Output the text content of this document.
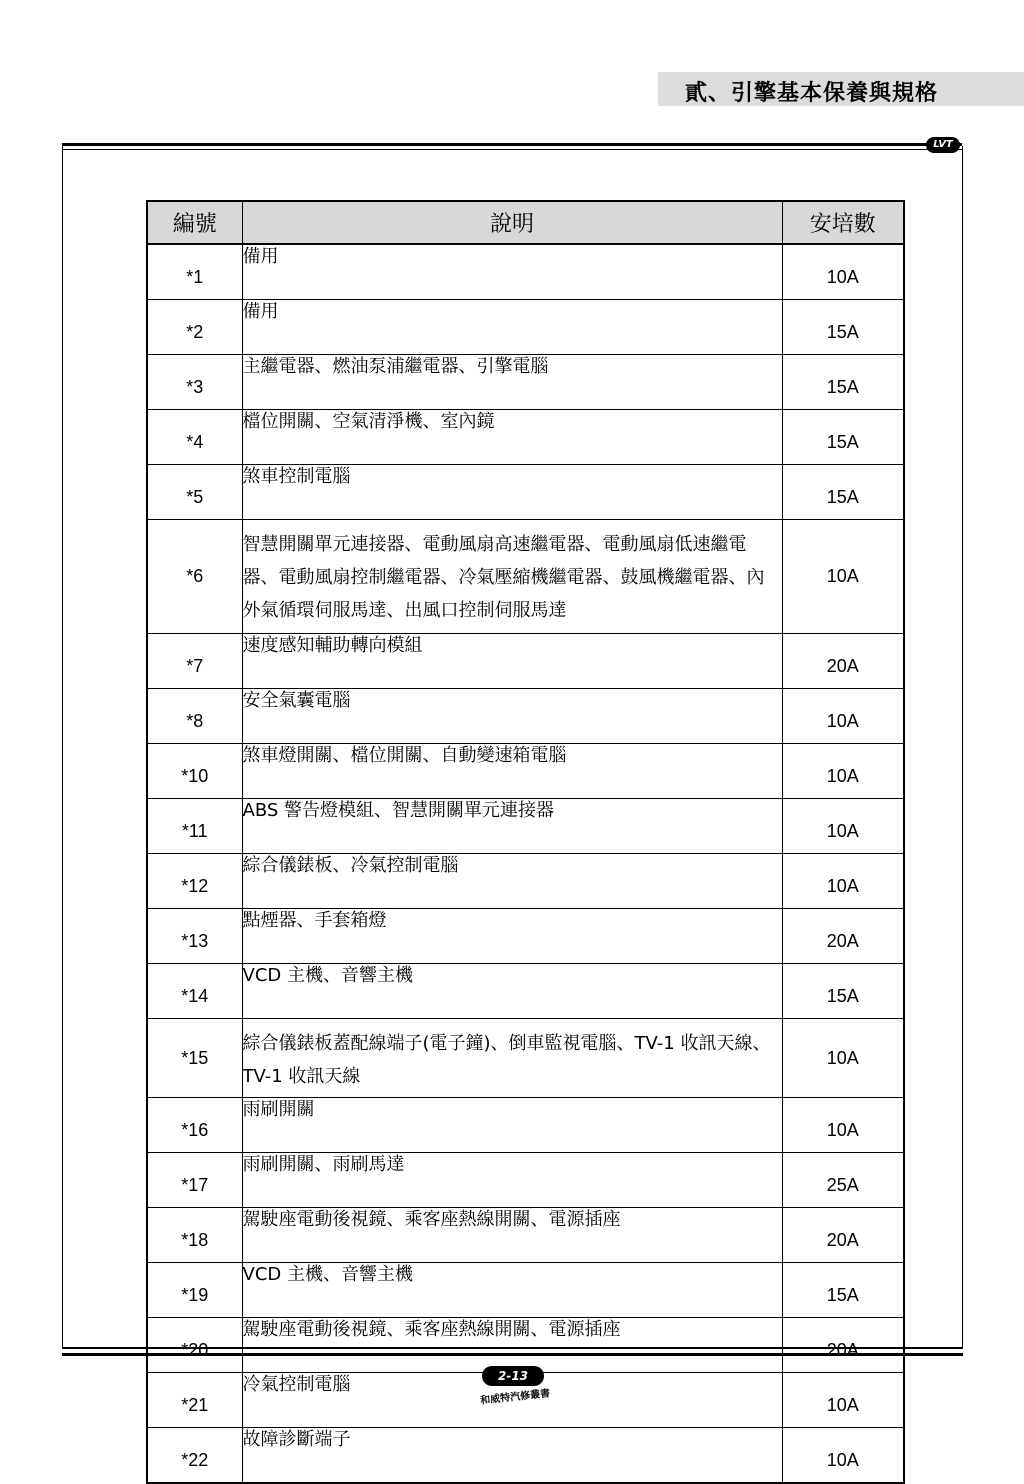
貳、引擎基本保養與規格
LVT
編號	說明	安培數
*1	備用	10A
*2	備用	15A
*3	主繼電器、燃油泵浦繼電器、引擎電腦	15A
*4	檔位開關、空氣清淨機、室內鏡	15A
*5	煞車控制電腦	15A
*6	智慧開關單元連接器、電動風扇高速繼電器、電動風扇低速繼電器、電動風扇控制繼電器、冷氣壓縮機繼電器、鼓風機繼電器、內外氣循環伺服馬達、出風口控制伺服馬達	10A
*7	速度感知輔助轉向模組	20A
*8	安全氣囊電腦	10A
*10	煞車燈開關、檔位開關、自動變速箱電腦	10A
*11	ABS 警告燈模組、智慧開關單元連接器	10A
*12	綜合儀錶板、冷氣控制電腦	10A
*13	點煙器、手套箱燈	20A
*14	VCD 主機、音響主機	15A
*15	綜合儀錶板蓋配線端子(電子鐘)、倒車監視電腦、TV-1 收訊天線、TV-1 收訊天線	10A
*16	雨刷開關	10A
*17	雨刷開關、雨刷馬達	25A
*18	駕駛座電動後視鏡、乘客座熱線開關、電源插座	20A
*19	VCD 主機、音響主機	15A
*20	駕駛座電動後視鏡、乘客座熱線開關、電源插座	20A
*21	冷氣控制電腦	10A
*22	故障診斷端子	10A
2-13
和威特汽修叢書
